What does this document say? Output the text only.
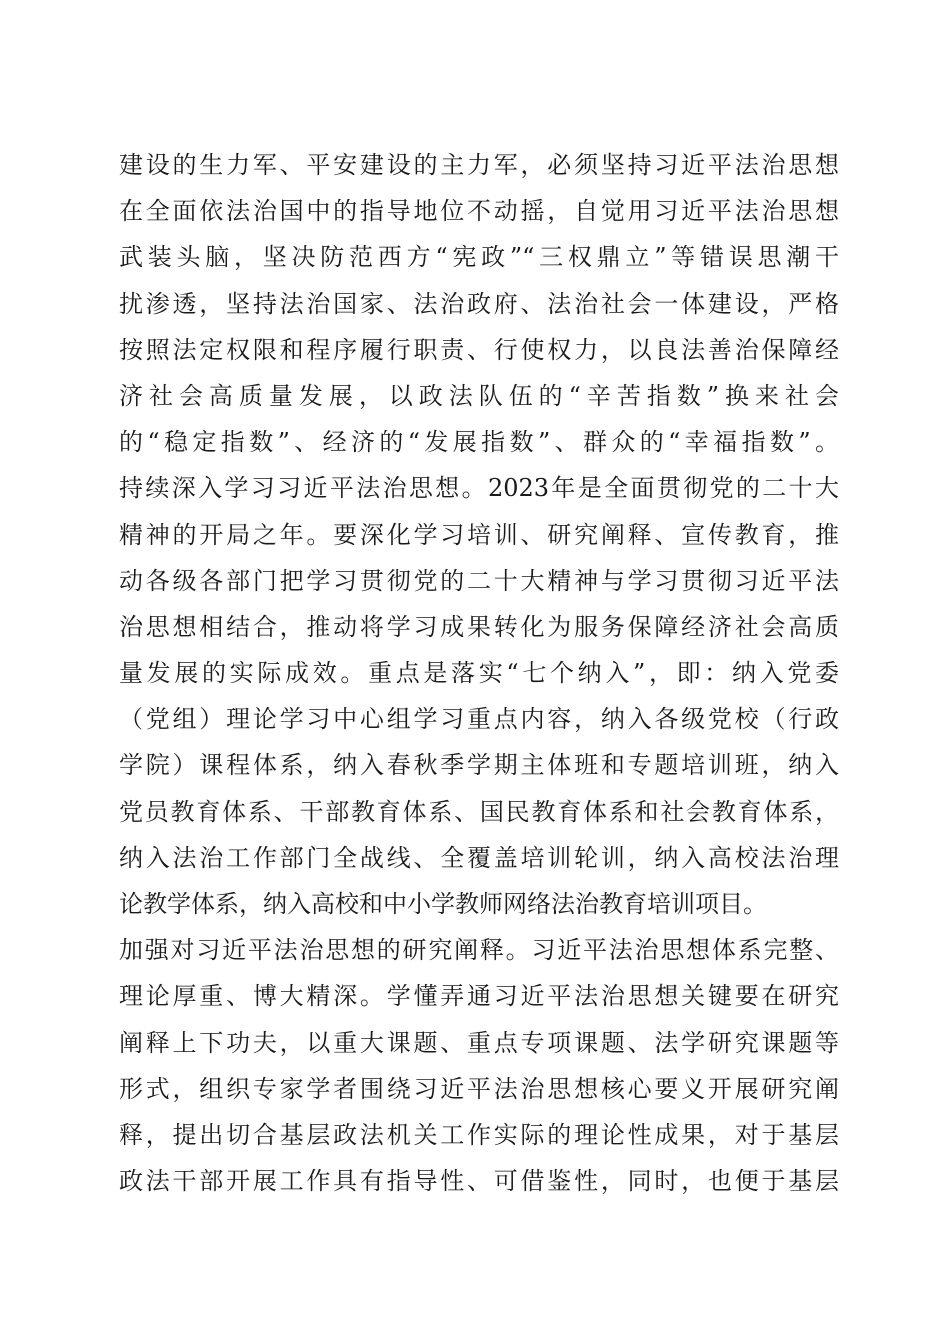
建设的生力军、平安建设的主力军，必须坚持习近平法治思想
在全面依法治国中的指导地位不动摇，自觉用习近平法治思想
武装头脑，坚决防范西方“宪政”“三权鼎立”等错误思潮干
扰渗透，坚持法治国家、法治政府、法治社会一体建设，严格
按照法定权限和程序履行职责、行使权力，以良法善治保障经
济社会高质量发展，以政法队伍的“辛苦指数”换来社会
的“稳定指数”、经济的“发展指数”、群众的“幸福指数”。
持续深入学习习近平法治思想。2023年是全面贯彻党的二十大
精神的开局之年。要深化学习培训、研究阐释、宣传教育，推
动各级各部门把学习贯彻党的二十大精神与学习贯彻习近平法
治思想相结合，推动将学习成果转化为服务保障经济社会高质
量发展的实际成效。重点是落实“七个纳入”，即：纳入党委
（党组）理论学习中心组学习重点内容，纳入各级党校（行政
学院）课程体系，纳入春秋季学期主体班和专题培训班，纳入
党员教育体系、干部教育体系、国民教育体系和社会教育体系，
纳入法治工作部门全战线、全覆盖培训轮训，纳入高校法治理
论教学体系，纳入高校和中小学教师网络法治教育培训项目。
加强对习近平法治思想的研究阐释。习近平法治思想体系完整、
理论厚重、博大精深。学懂弄通习近平法治思想关键要在研究
阐释上下功夫，以重大课题、重点专项课题、法学研究课题等
形式，组织专家学者围绕习近平法治思想核心要义开展研究阐
释，提出切合基层政法机关工作实际的理论性成果，对于基层
政法干部开展工作具有指导性、可借鉴性，同时，也便于基层
